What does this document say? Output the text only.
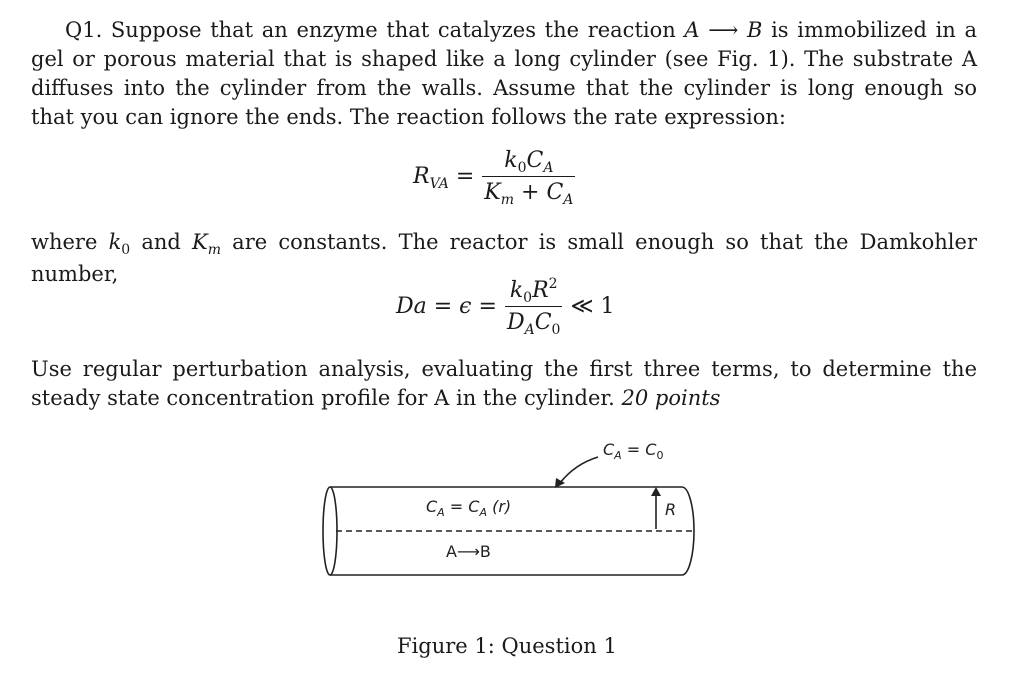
Q1. Suppose that an enzyme that catalyzes the reaction A ⟶ B is immobilized in a gel or porous material that is shaped like a long cylinder (see Fig. 1). The substrate A diffuses into the cylinder from the walls. Assume that the cylinder is long enough so that you can ignore the ends. The reaction follows the rate expression:
$R_{VA} = \frac{k_0C_A}{K_m + C_A}$
where $k_0$ and $K_m$ are constants. The reactor is small enough so that the Damkohler number,
$Da = \epsilon = \frac{k_0R^2}{D_AC_0}$ ≪ 1
Use regular perturbation analysis, evaluating the first three terms, to determine the steady state concentration profile for A in the cylinder. 20 points
$C_A = C_0$
$C_A = C_A$ (r)
A⟶B
R
Figure 1: Question 1
